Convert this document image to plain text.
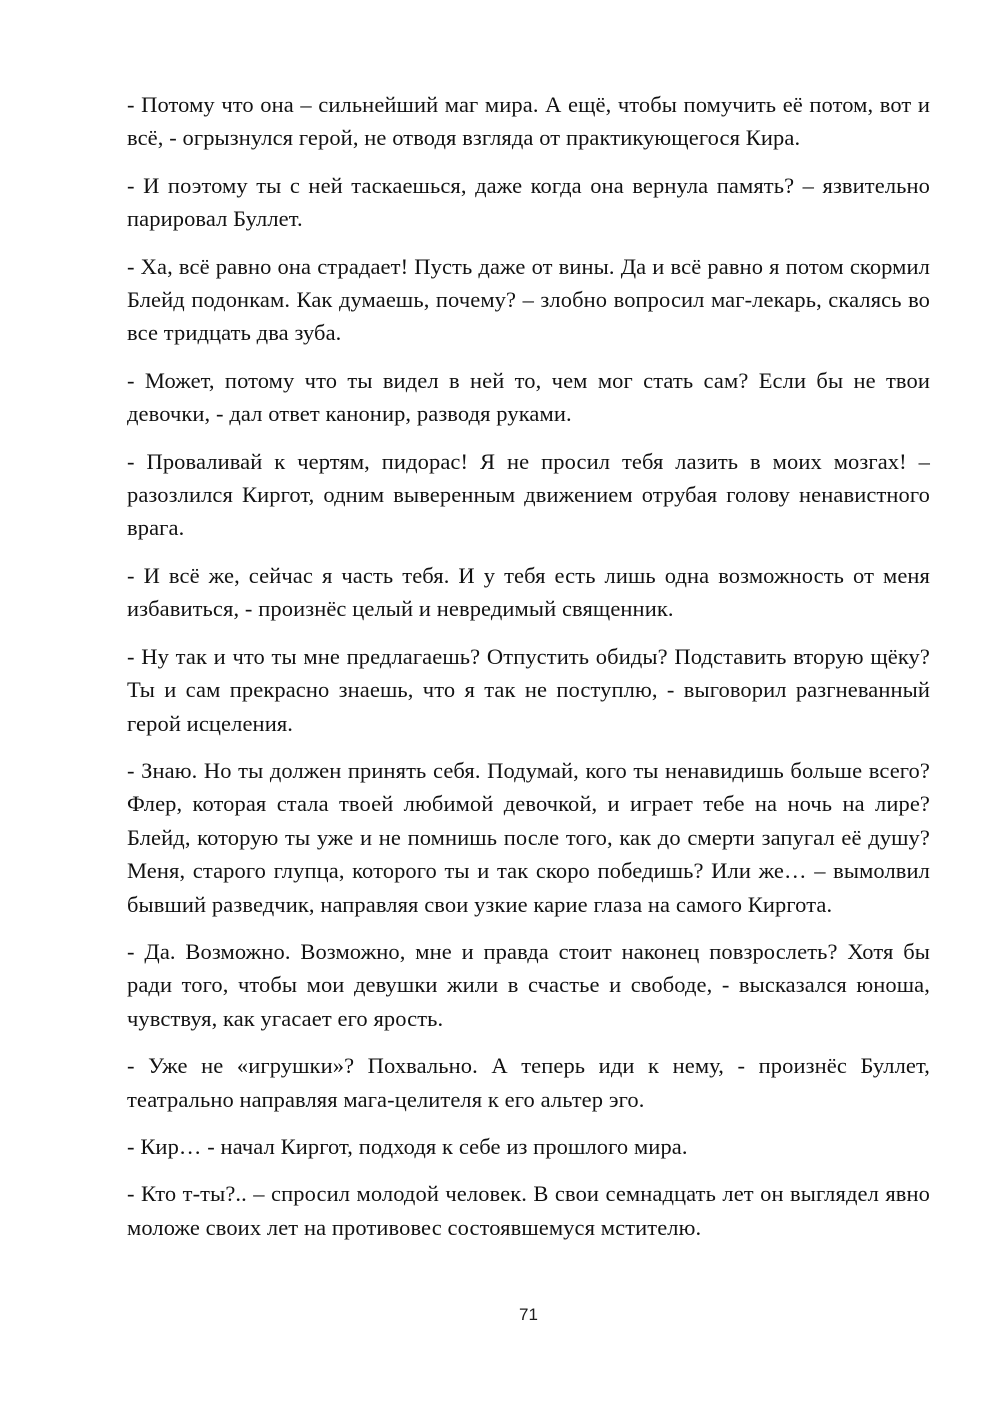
- Потому что она – сильнейший маг мира. А ещё, чтобы помучить её потом, вот и всё, - огрызнулся герой, не отводя взгляда от практикующегося Кира.

- И поэтому ты с ней таскаешься, даже когда она вернула память? – язвительно парировал Буллет.

- Ха, всё равно она страдает! Пусть даже от вины. Да и всё равно я потом скормил Блейд подонкам. Как думаешь, почему? – злобно вопросил маг-лекарь, скалясь во все тридцать два зуба.

- Может, потому что ты видел в ней то, чем мог стать сам? Если бы не твои девочки, - дал ответ канонир, разводя руками.

- Проваливай к чертям, пидорас! Я не просил тебя лазить в моих мозгах! – разозлился Киргот, одним выверенным движением отрубая голову ненавистного врага.

- И всё же, сейчас я часть тебя. И у тебя есть лишь одна возможность от меня избавиться, - произнёс целый и невредимый священник.

- Ну так и что ты мне предлагаешь? Отпустить обиды? Подставить вторую щёку? Ты и сам прекрасно знаешь, что я так не поступлю, - выговорил разгневанный герой исцеления.

- Знаю. Но ты должен принять себя. Подумай, кого ты ненавидишь больше всего? Флер, которая стала твоей любимой девочкой, и играет тебе на ночь на лире? Блейд, которую ты уже и не помнишь после того, как до смерти запугал её душу? Меня, старого глупца, которого ты и так скоро победишь? Или же… – вымолвил бывший разведчик, направляя свои узкие карие глаза на самого Киргота.

- Да. Возможно. Возможно, мне и правда стоит наконец повзрослеть? Хотя бы ради того, чтобы мои девушки жили в счастье и свободе, - высказался юноша, чувствуя, как угасает его ярость.

- Уже не «игрушки»? Похвально. А теперь иди к нему, - произнёс Буллет, театрально направляя мага-целителя к его альтер эго.

- Кир… - начал Киргот, подходя к себе из прошлого мира.

- Кто т-ты?.. – спросил молодой человек. В свои семнадцать лет он выглядел явно моложе своих лет на противовес состоявшемуся мстителю.

71
